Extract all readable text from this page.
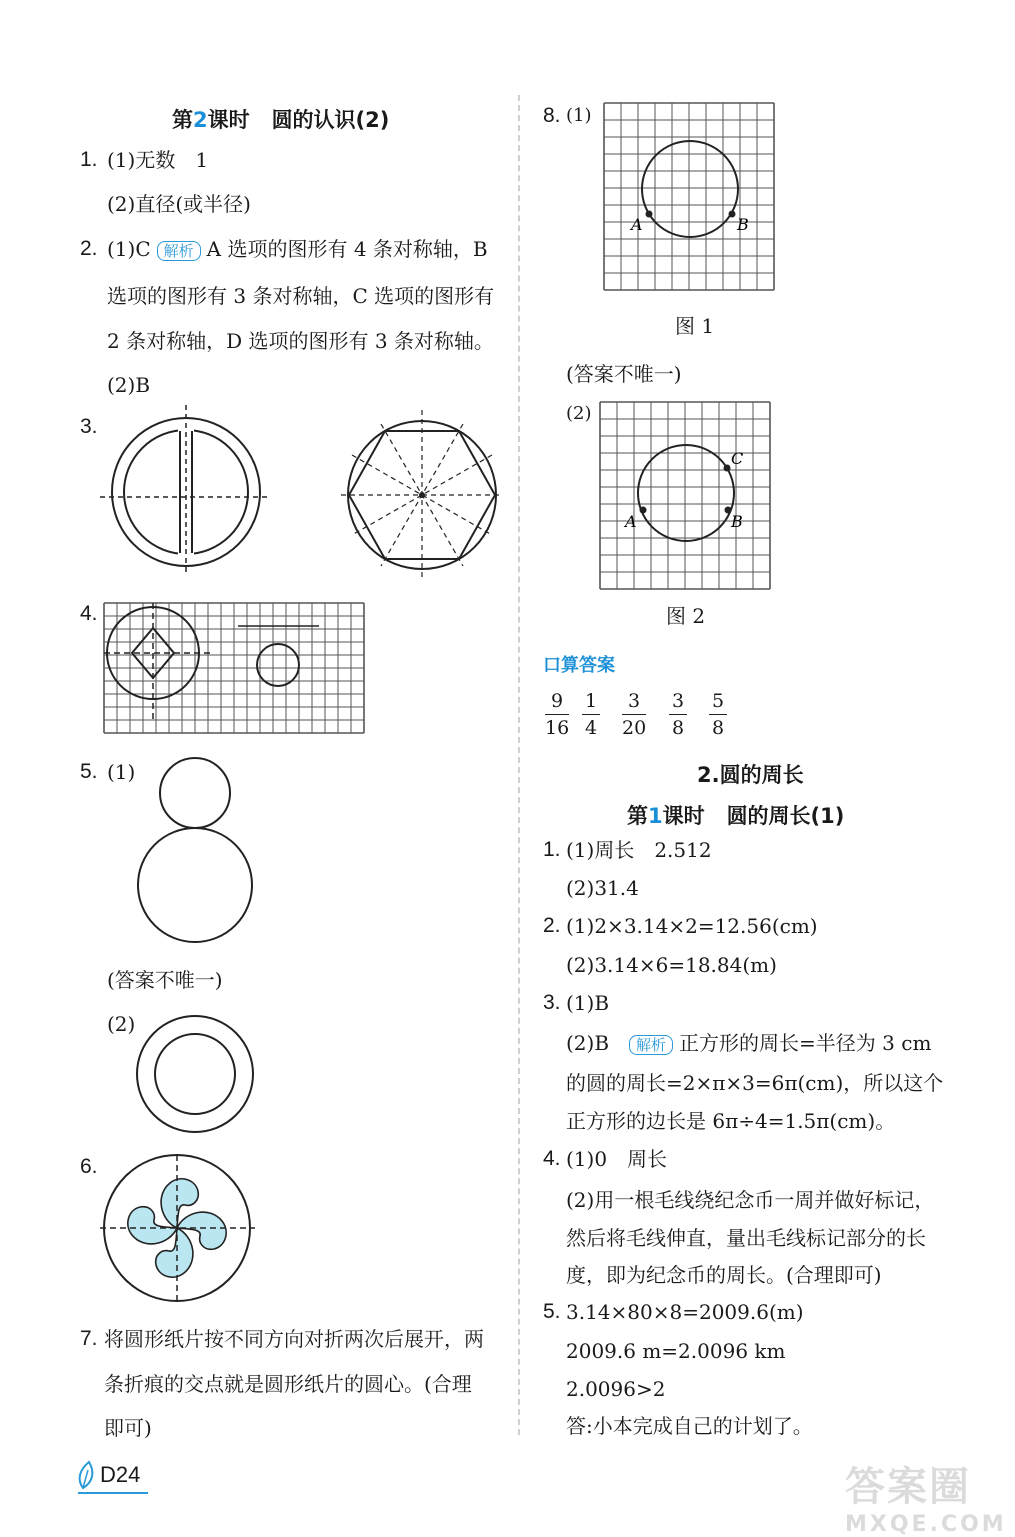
第2课时 圆的认识(2)
1. (1)无数　1
(2)直径(或半径)
2. (1)C 解析 A 选项的图形有 4 条对称轴，B
选项的图形有 3 条对称轴，C 选项的图形有
2 条对称轴，D 选项的图形有 3 条对称轴。
(2)B
3.
4.
5. (1)
(答案不唯一)
(2)
6.
7. 将圆形纸片按不同方向对折两次后展开，两
条折痕的交点就是圆形纸片的圆心。(合理
即可)
8. (1)
A	B
图 1
(答案不唯一)
(2)
A	B
C
图 2
口算答案
9
16
1
4
3
20
3
8
5
8
2.圆的周长
第1课时 圆的周长(1)
1. (1)周长　2.512
(2)31.4
2. (1)2×3.14×2=12.56(cm)
(2)3.14×6=18.84(m)
3. (1)B
(2)B 解析 正方形的周长=半径为 3 cm
的圆的周长=2×π×3=6π(cm)，所以这个
正方形的边长是 6π÷4=1.5π(cm)。
4. (1)0　周长
(2)用一根毛线绕纪念币一周并做好标记，
然后将毛线伸直，量出毛线标记部分的长
度，即为纪念币的周长。(合理即可)
5. 3.14×80×8=2009.6(m)
2009.6 m=2.0096 km
2.0096>2
答:小本完成自己的计划了。
D24	答案圈
MXQE.COM
